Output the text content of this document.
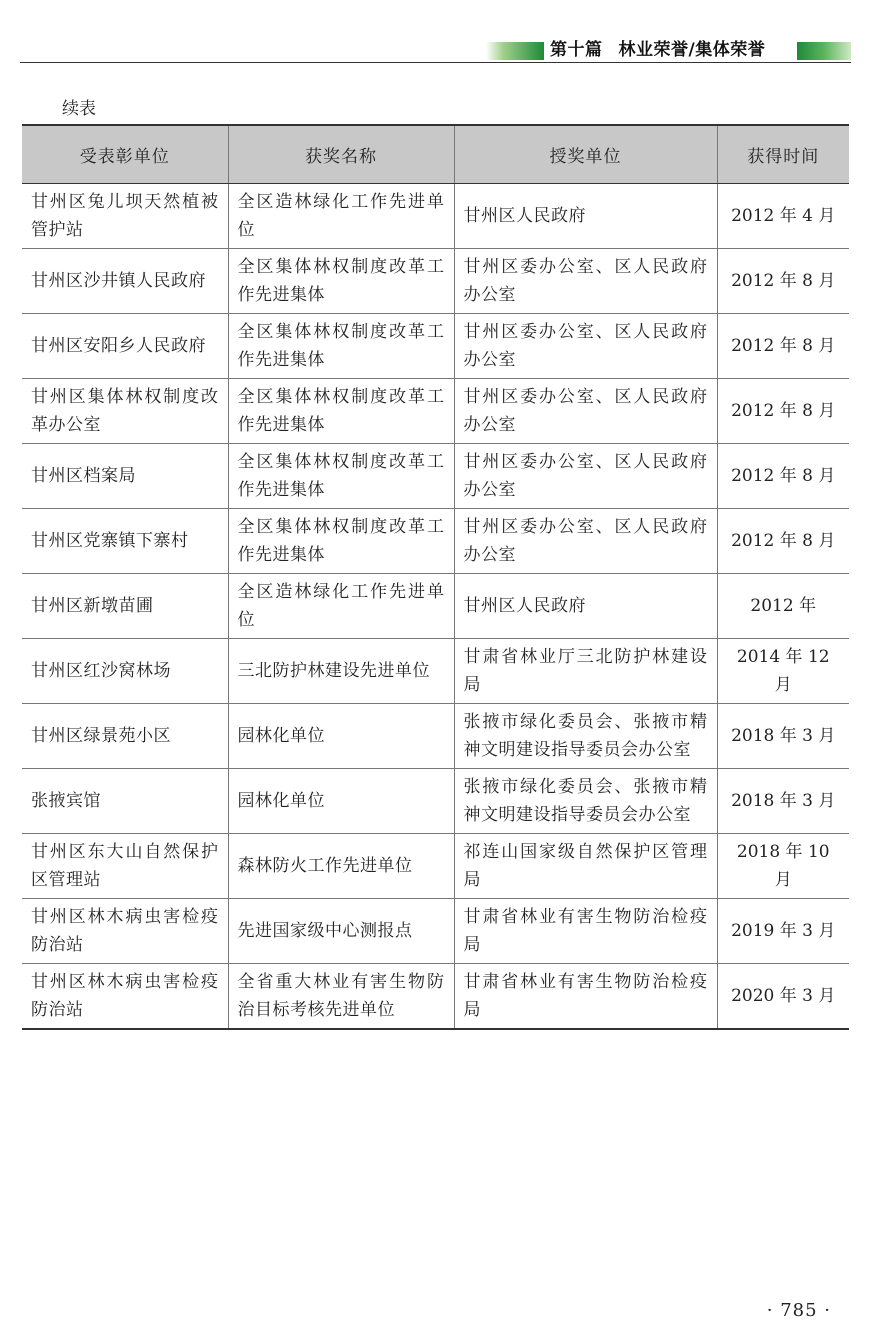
第十篇 林业荣誉/集体荣誉
续表
受表彰单位	获奖名称	授奖单位	获得时间
甘州区兔儿坝天然植被管护站	全区造林绿化工作先进单位	甘州区人民政府	2012 年 4 月
甘州区沙井镇人民政府	全区集体林权制度改革工作先进集体	甘州区委办公室、区人民政府办公室	2012 年 8 月
甘州区安阳乡人民政府	全区集体林权制度改革工作先进集体	甘州区委办公室、区人民政府办公室	2012 年 8 月
甘州区集体林权制度改革办公室	全区集体林权制度改革工作先进集体	甘州区委办公室、区人民政府办公室	2012 年 8 月
甘州区档案局	全区集体林权制度改革工作先进集体	甘州区委办公室、区人民政府办公室	2012 年 8 月
甘州区党寨镇下寨村	全区集体林权制度改革工作先进集体	甘州区委办公室、区人民政府办公室	2012 年 8 月
甘州区新墩苗圃	全区造林绿化工作先进单位	甘州区人民政府	2012 年
甘州区红沙窝林场	三北防护林建设先进单位	甘肃省林业厅三北防护林建设局	2014 年 12 月
甘州区绿景苑小区	园林化单位	张掖市绿化委员会、张掖市精神文明建设指导委员会办公室	2018 年 3 月
张掖宾馆	园林化单位	张掖市绿化委员会、张掖市精神文明建设指导委员会办公室	2018 年 3 月
甘州区东大山自然保护区管理站	森林防火工作先进单位	祁连山国家级自然保护区管理局	2018 年 10 月
甘州区林木病虫害检疫防治站	先进国家级中心测报点	甘肃省林业有害生物防治检疫局	2019 年 3 月
甘州区林木病虫害检疫防治站	全省重大林业有害生物防治目标考核先进单位	甘肃省林业有害生物防治检疫局	2020 年 3 月
· 785 ·
